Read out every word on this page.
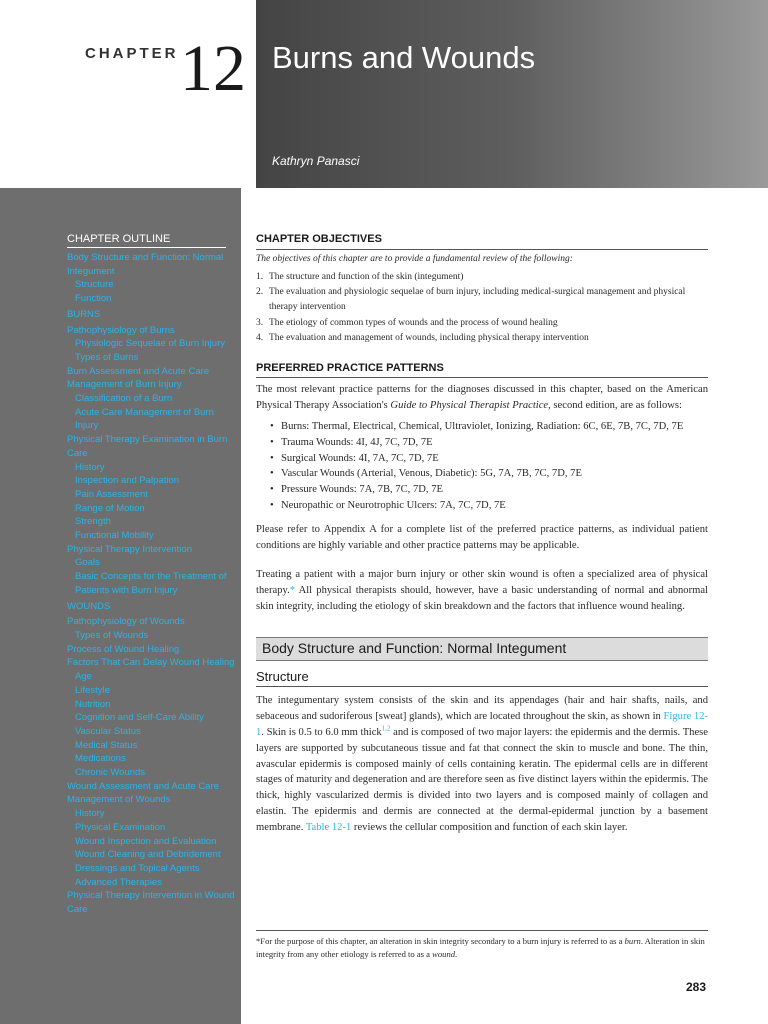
CHAPTER 12 Burns and Wounds
Kathryn Panasci
CHAPTER OUTLINE
Body Structure and Function: Normal Integument
Structure
Function
BURNS
Pathophysiology of Burns
Physiologic Sequelae of Burn Injury
Types of Burns
Burn Assessment and Acute Care Management of Burn Injury
Classification of a Burn
Acute Care Management of Burn Injury
Physical Therapy Examination in Burn Care
History
Inspection and Palpation
Pain Assessment
Range of Motion
Strength
Functional Mobility
Physical Therapy Intervention
Goals
Basic Concepts for the Treatment of Patients with Burn Injury
WOUNDS
Pathophysiology of Wounds
Types of Wounds
Process of Wound Healing
Factors That Can Delay Wound Healing
Age
Lifestyle
Nutrition
Cognition and Self-Care Ability
Vascular Status
Medical Status
Medications
Chronic Wounds
Wound Assessment and Acute Care Management of Wounds
History
Physical Examination
Wound Inspection and Evaluation
Wound Cleaning and Debridement
Dressings and Topical Agents
Advanced Therapies
Physical Therapy Intervention in Wound Care
CHAPTER OBJECTIVES
The objectives of this chapter are to provide a fundamental review of the following:
1. The structure and function of the skin (integument)
2. The evaluation and physiologic sequelae of burn injury, including medical-surgical management and physical therapy intervention
3. The etiology of common types of wounds and the process of wound healing
4. The evaluation and management of wounds, including physical therapy intervention
PREFERRED PRACTICE PATTERNS

The most relevant practice patterns for the diagnoses discussed in this chapter, based on the American Physical Therapy Association's Guide to Physical Therapist Practice, second edition, are as follows:

• Burns: Thermal, Electrical, Chemical, Ultraviolet, Ionizing, Radiation: 6C, 6E, 7B, 7C, 7D, 7E
• Trauma Wounds: 4I, 4J, 7C, 7D, 7E
• Surgical Wounds: 4I, 7A, 7C, 7D, 7E
• Vascular Wounds (Arterial, Venous, Diabetic): 5G, 7A, 7B, 7C, 7D, 7E
• Pressure Wounds: 7A, 7B, 7C, 7D, 7E
• Neuropathic or Neurotrophic Ulcers: 7A, 7C, 7D, 7E

Please refer to Appendix A for a complete list of the preferred practice patterns, as individual patient conditions are highly variable and other practice patterns may be applicable.

Treating a patient with a major burn injury or other skin wound is often a specialized area of physical therapy.* All physical therapists should, however, have a basic understanding of normal and abnormal skin integrity, including the etiology of skin breakdown and the factors that influence wound healing.

Body Structure and Function: Normal Integument
Structure

The integumentary system consists of the skin and its appendages (hair and hair shafts, nails, and sebaceous and sudoriferous [sweat] glands), which are located throughout the skin, as shown in Figure 12-1. Skin is 0.5 to 6.0 mm thick$^{1,2}$ and is composed of two major layers: the epidermis and the dermis. These layers are supported by subcutaneous tissue and fat that connect the skin to muscle and bone. The thin, avascular epidermis is composed mainly of cells containing keratin. The epidermal cells are in different stages of maturity and degeneration and are therefore seen as five distinct layers within the epidermis. The thick, highly vascularized dermis is divided into two layers and is composed mainly of collagen and elastin. The epidermis and dermis are connected at the dermal-epidermal junction by a basement membrane. Table 12-1 reviews the cellular composition and function of each skin layer.

*For the purpose of this chapter, an alteration in skin integrity secondary to a burn injury is referred to as a burn. Alteration in skin integrity from any other etiology is referred to as a wound.
283
